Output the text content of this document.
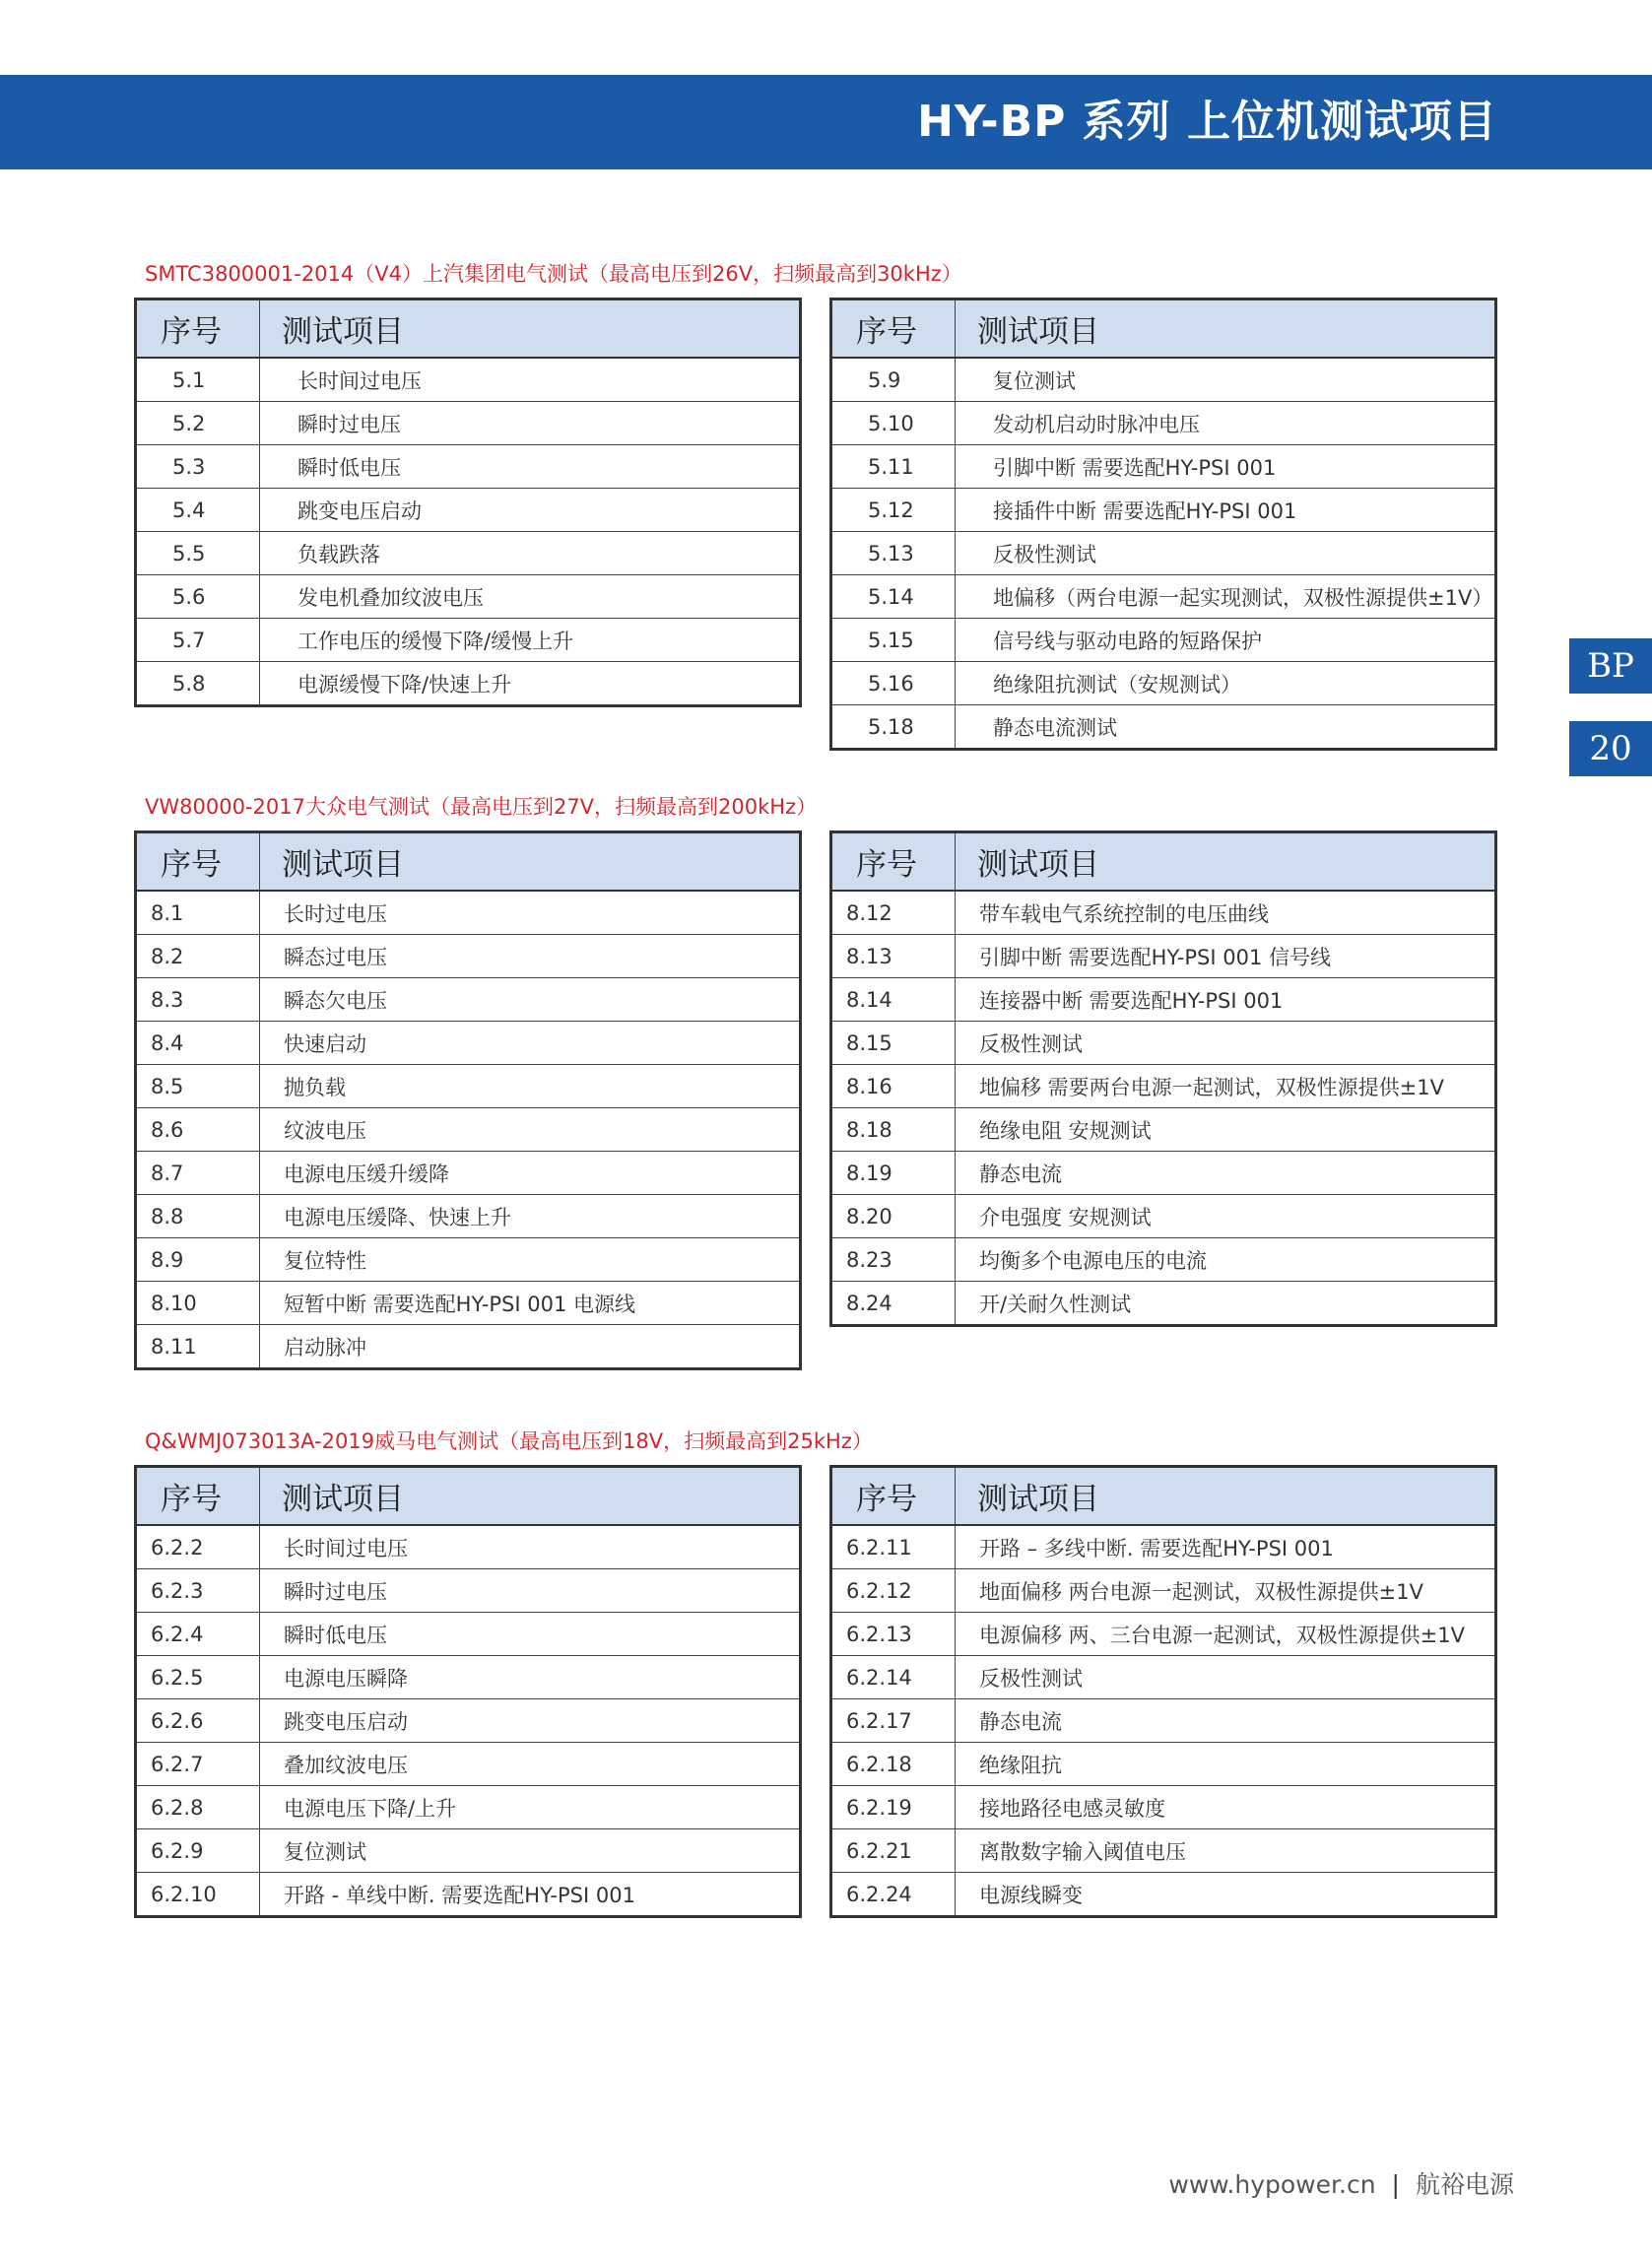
HY-BP 系列 上位机测试项目
BP
20
SMTC3800001-2014（V4）上汽集团电气测试（最高电压到26V，扫频最高到30kHz）
序号	测试项目
5.1	长时间过电压
5.2	瞬时过电压
5.3	瞬时低电压
5.4	跳变电压启动
5.5	负载跌落
5.6	发电机叠加纹波电压
5.7	工作电压的缓慢下降/缓慢上升
5.8	电源缓慢下降/快速上升
序号	测试项目
5.9	复位测试
5.10	发动机启动时脉冲电压
5.11	引脚中断 需要选配HY-PSI 001
5.12	接插件中断 需要选配HY-PSI 001
5.13	反极性测试
5.14	地偏移（两台电源一起实现测试，双极性源提供±1V）
5.15	信号线与驱动电路的短路保护
5.16	绝缘阻抗测试（安规测试）
5.18	静态电流测试
VW80000-2017大众电气测试（最高电压到27V，扫频最高到200kHz）
序号	测试项目
8.1	长时过电压
8.2	瞬态过电压
8.3	瞬态欠电压
8.4	快速启动
8.5	抛负载
8.6	纹波电压
8.7	电源电压缓升缓降
8.8	电源电压缓降、快速上升
8.9	复位特性
8.10	短暂中断 需要选配HY-PSI 001 电源线
8.11	启动脉冲
序号	测试项目
8.12	带车载电气系统控制的电压曲线
8.13	引脚中断 需要选配HY-PSI 001 信号线
8.14	连接器中断 需要选配HY-PSI 001
8.15	反极性测试
8.16	地偏移 需要两台电源一起测试，双极性源提供±1V
8.18	绝缘电阻 安规测试
8.19	静态电流
8.20	介电强度 安规测试
8.23	均衡多个电源电压的电流
8.24	开/关耐久性测试
Q&WMJ073013A-2019威马电气测试（最高电压到18V，扫频最高到25kHz）
序号	测试项目
6.2.2	长时间过电压
6.2.3	瞬时过电压
6.2.4	瞬时低电压
6.2.5	电源电压瞬降
6.2.6	跳变电压启动
6.2.7	叠加纹波电压
6.2.8	电源电压下降/上升
6.2.9	复位测试
6.2.10	开路 - 单线中断. 需要选配HY-PSI 001
序号	测试项目
6.2.11	开路 – 多线中断. 需要选配HY-PSI 001
6.2.12	地面偏移 两台电源一起测试，双极性源提供±1V
6.2.13	电源偏移 两、三台电源一起测试，双极性源提供±1V
6.2.14	反极性测试
6.2.17	静态电流
6.2.18	绝缘阻抗
6.2.19	接地路径电感灵敏度
6.2.21	离散数字输入阈值电压
6.2.24	电源线瞬变
www.hypower.cn | 航裕电源
